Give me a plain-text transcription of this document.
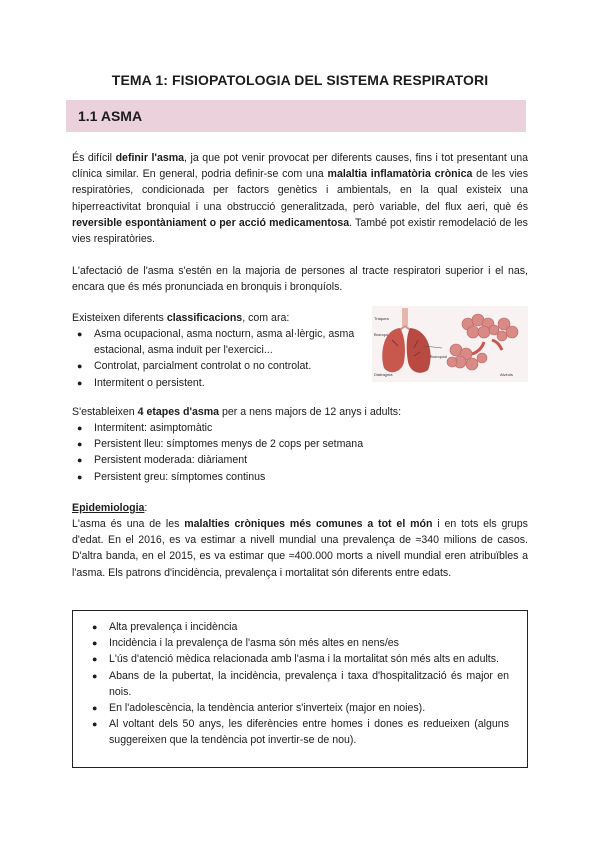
TEMA 1: FISIOPATOLOGIA DEL SISTEMA RESPIRATORI
1.1 ASMA

És difícil definir l'asma, ja que pot venir provocat per diferents causes, fins i tot presentant una clínica similar. En general, podria definir-se com una malaltia inflamatòria crònica de les vies respiratòries, condicionada per factors genètics i ambientals, en la qual existeix una hiperreactivitat bronquial i una obstrucció generalitzada, però variable, del flux aeri, què és reversible espontàniament o per acció medicamentosa. També pot existir remodelació de les vies respiratòries.

L'afectació de l'asma s'estén en la majoria de persones al tracte respiratori superior i el nas, encara que és més pronunciada en bronquis i bronquíols.

Existeixen diferents classificacions, com ara:

● Asma ocupacional, asma nocturn, asma al·lèrgic, asma estacional, asma induït per l'exercici...
● Controlat, parcialment controlat o no controlat.
● Intermitent o persistent.
Tràquea
Bronqui
Bronquíol
Alvèols
Diafragma

S'estableixen 4 etapes d'asma per a nens majors de 12 anys i adults:

● Intermitent: asimptomàtic
● Persistent lleu: símptomes menys de 2 cops per setmana
● Persistent moderada: diàriament
● Persistent greu: símptomes continus

Epidemiologia:

L'asma és una de les malalties cròniques més comunes a tot el món i en tots els grups d'edat. En el 2016, es va estimar a nivell mundial una prevalença de ≈340 milions de casos. D'altra banda, en el 2015, es va estimar que ≈400.000 morts a nivell mundial eren atribuïbles a l'asma. Els patrons d'incidència, prevalença i mortalitat són diferents entre edats.

● Alta prevalença i incidència
● Incidència i la prevalença de l'asma són més altes en nens/es
● L'ús d'atenció mèdica relacionada amb l'asma i la mortalitat són més alts en adults.
● Abans de la pubertat, la incidència, prevalença i taxa d'hospitalització és major en nois.
● En l'adolescència, la tendència anterior s'inverteix (major en noies).
● Al voltant dels 50 anys, les diferències entre homes i dones es redueixen (alguns suggereixen que la tendència pot invertir-se de nou).
